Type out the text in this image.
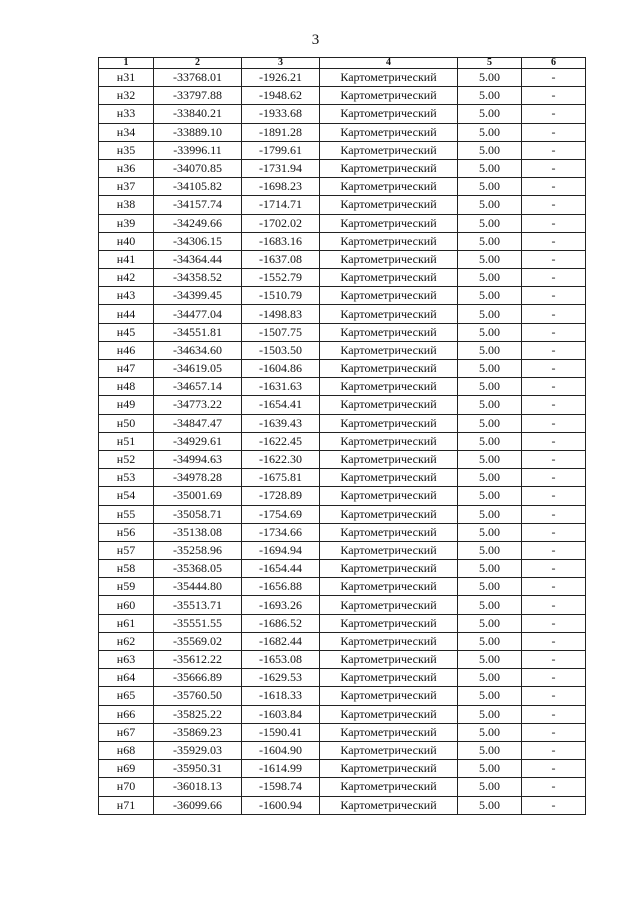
3
1	2	3	4	5	6
н31	-33768.01	-1926.21	Картометрический	5.00	-
н32	-33797.88	-1948.62	Картометрический	5.00	-
н33	-33840.21	-1933.68	Картометрический	5.00	-
н34	-33889.10	-1891.28	Картометрический	5.00	-
н35	-33996.11	-1799.61	Картометрический	5.00	-
н36	-34070.85	-1731.94	Картометрический	5.00	-
н37	-34105.82	-1698.23	Картометрический	5.00	-
н38	-34157.74	-1714.71	Картометрический	5.00	-
н39	-34249.66	-1702.02	Картометрический	5.00	-
н40	-34306.15	-1683.16	Картометрический	5.00	-
н41	-34364.44	-1637.08	Картометрический	5.00	-
н42	-34358.52	-1552.79	Картометрический	5.00	-
н43	-34399.45	-1510.79	Картометрический	5.00	-
н44	-34477.04	-1498.83	Картометрический	5.00	-
н45	-34551.81	-1507.75	Картометрический	5.00	-
н46	-34634.60	-1503.50	Картометрический	5.00	-
н47	-34619.05	-1604.86	Картометрический	5.00	-
н48	-34657.14	-1631.63	Картометрический	5.00	-
н49	-34773.22	-1654.41	Картометрический	5.00	-
н50	-34847.47	-1639.43	Картометрический	5.00	-
н51	-34929.61	-1622.45	Картометрический	5.00	-
н52	-34994.63	-1622.30	Картометрический	5.00	-
н53	-34978.28	-1675.81	Картометрический	5.00	-
н54	-35001.69	-1728.89	Картометрический	5.00	-
н55	-35058.71	-1754.69	Картометрический	5.00	-
н56	-35138.08	-1734.66	Картометрический	5.00	-
н57	-35258.96	-1694.94	Картометрический	5.00	-
н58	-35368.05	-1654.44	Картометрический	5.00	-
н59	-35444.80	-1656.88	Картометрический	5.00	-
н60	-35513.71	-1693.26	Картометрический	5.00	-
н61	-35551.55	-1686.52	Картометрический	5.00	-
н62	-35569.02	-1682.44	Картометрический	5.00	-
н63	-35612.22	-1653.08	Картометрический	5.00	-
н64	-35666.89	-1629.53	Картометрический	5.00	-
н65	-35760.50	-1618.33	Картометрический	5.00	-
н66	-35825.22	-1603.84	Картометрический	5.00	-
н67	-35869.23	-1590.41	Картометрический	5.00	-
н68	-35929.03	-1604.90	Картометрический	5.00	-
н69	-35950.31	-1614.99	Картометрический	5.00	-
н70	-36018.13	-1598.74	Картометрический	5.00	-
н71	-36099.66	-1600.94	Картометрический	5.00	-
